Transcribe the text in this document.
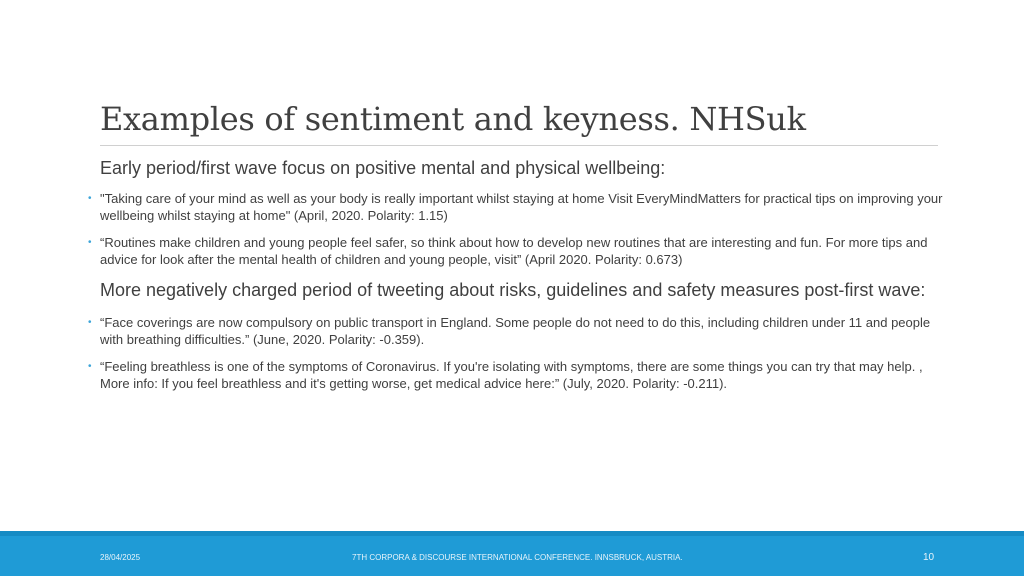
Examples of sentiment and keyness. NHSuk
Early period/first wave focus on positive mental and physical wellbeing:
• "Taking care of your mind as well as your body is really important whilst staying at home Visit EveryMindMatters for practical tips on improving your wellbeing whilst staying at home" (April, 2020. Polarity: 1.15)
• “Routines make children and young people feel safer, so think about how to develop new routines that are interesting and fun. For more tips and advice for look after the mental health of children and young people, visit” (April 2020. Polarity: 0.673)
More negatively charged period of tweeting about risks, guidelines and safety measures post-first wave:
• “Face coverings are now compulsory on public transport in England. Some people do not need to do this, including children under 11 and people with breathing difficulties.” (June, 2020. Polarity: -0.359).
• “Feeling breathless is one of the symptoms of Coronavirus. If you're isolating with symptoms, there are some things you can try that may help. , More info: If you feel breathless and it's getting worse, get medical advice here:” (July, 2020. Polarity: -0.211).
28/04/2025	7TH CORPORA & DISCOURSE INTERNATIONAL CONFERENCE. INNSBRUCK, AUSTRIA.	10
